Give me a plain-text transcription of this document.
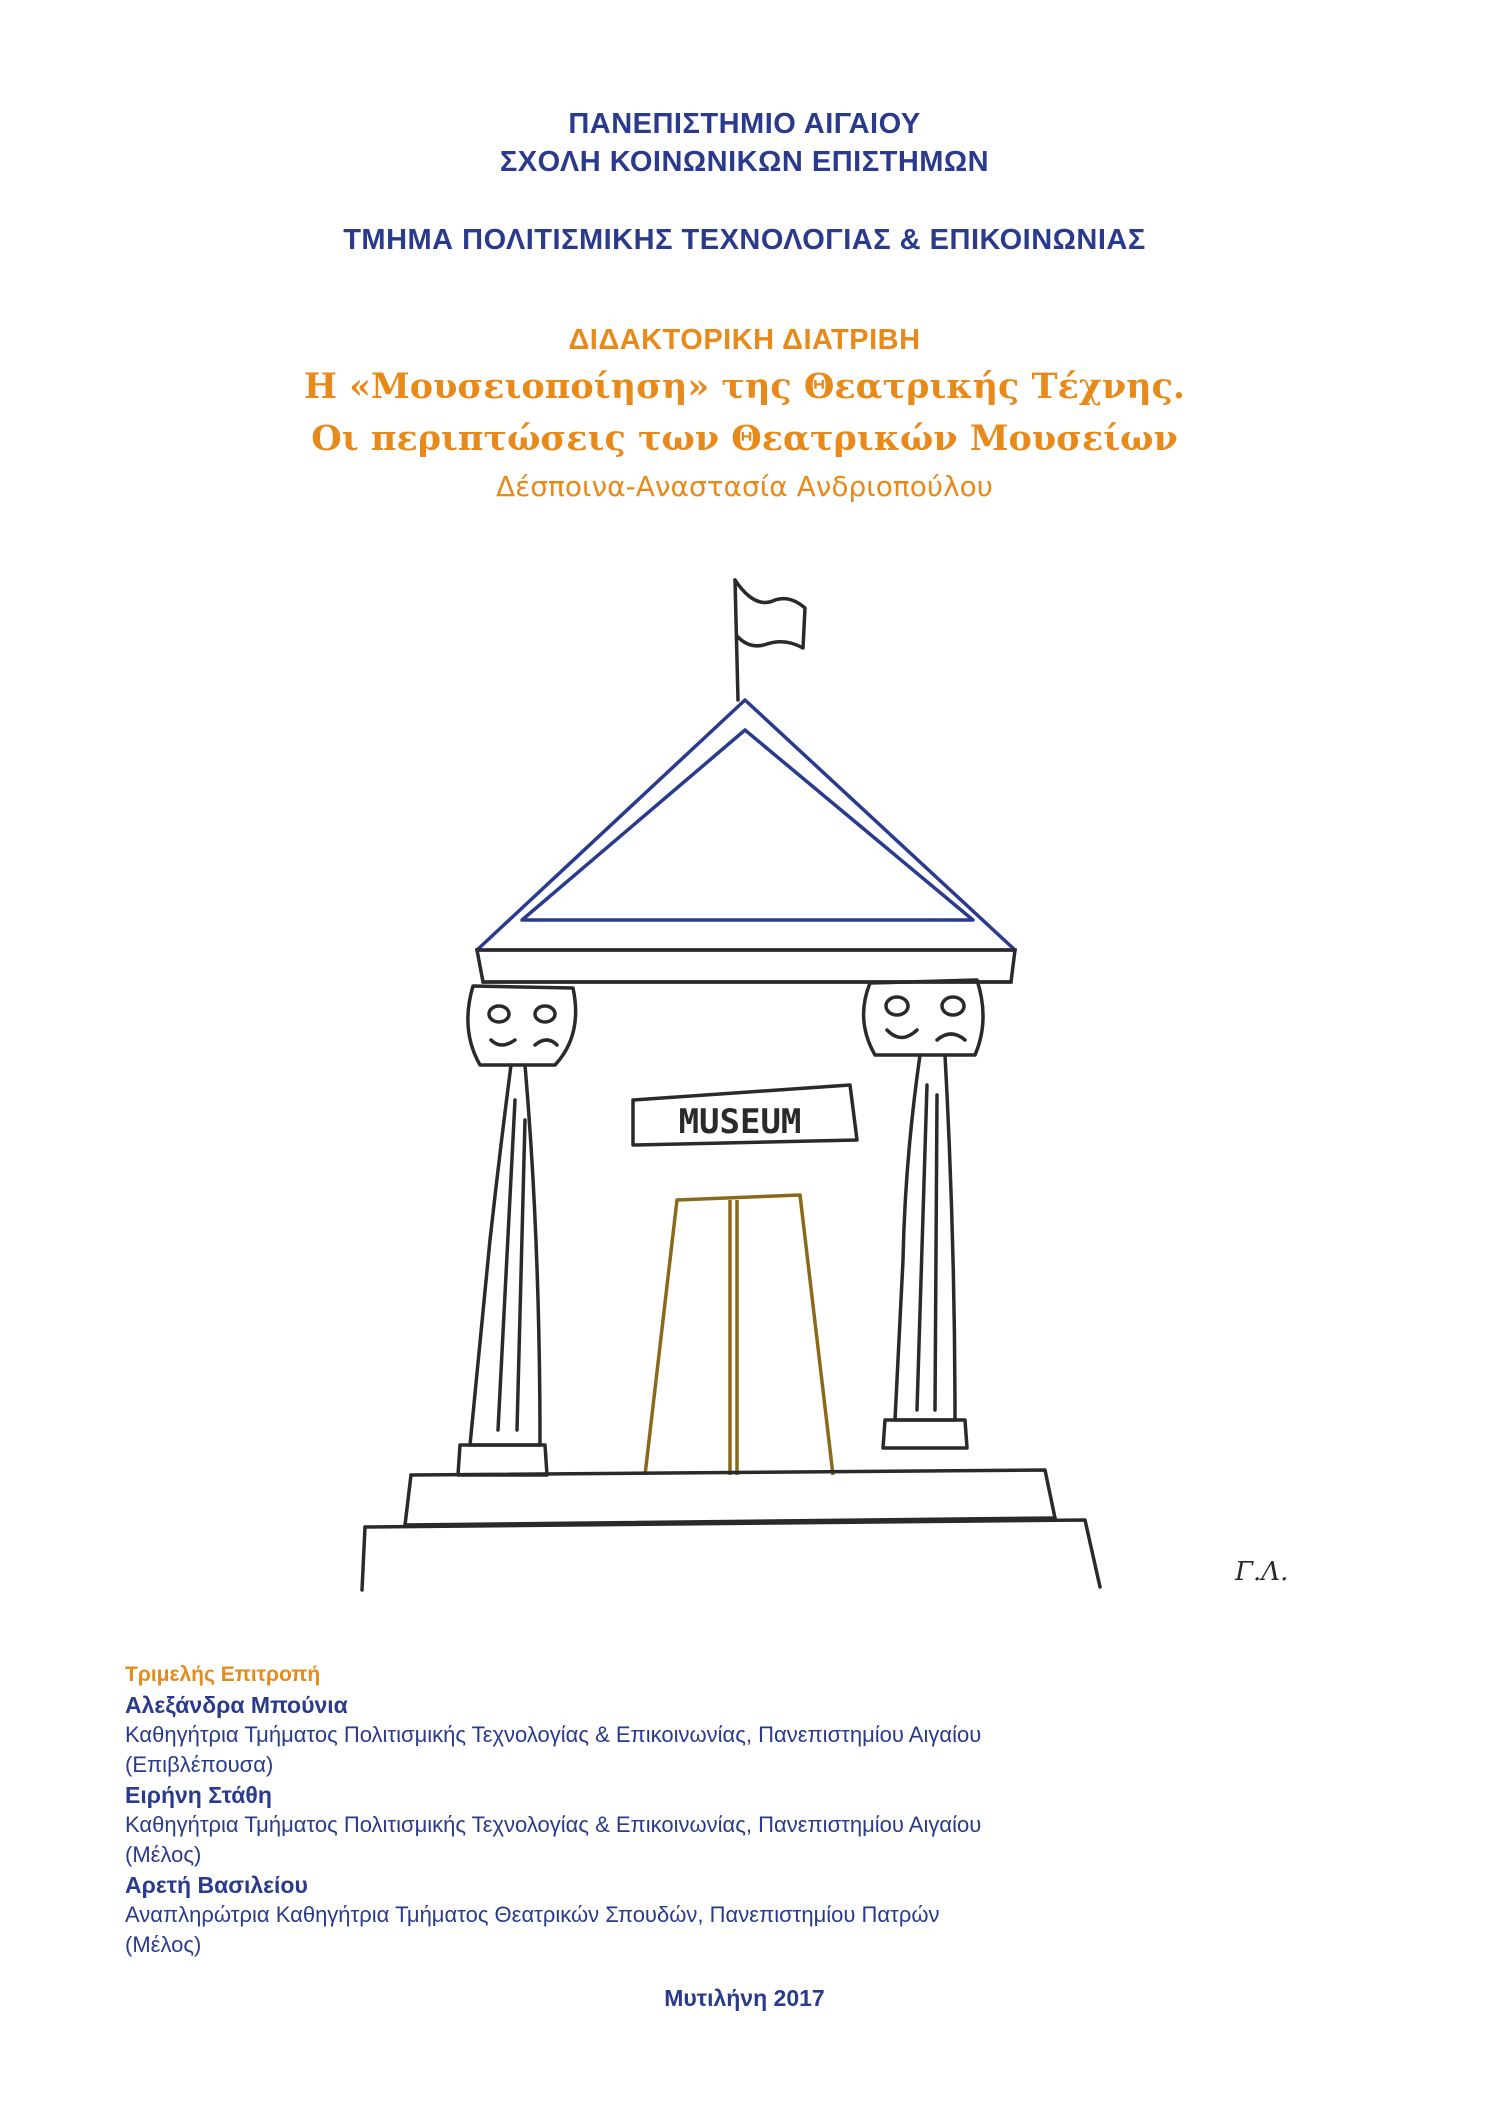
ΠΑΝΕΠΙΣΤΗΜΙΟ ΑΙΓΑΙΟΥ
ΣΧΟΛΗ ΚΟΙΝΩΝΙΚΩΝ ΕΠΙΣΤΗΜΩΝ
ΤΜΗΜΑ ΠΟΛΙΤΙΣΜΙΚΗΣ ΤΕΧΝΟΛΟΓΙΑΣ & ΕΠΙΚΟΙΝΩΝΙΑΣ
ΔΙΔΑΚΤΟΡΙΚΗ ΔΙΑΤΡΙΒΗ
Η «Μουσειοποίηση» της Θεατρικής Τέχνης.
Οι περιπτώσεις των Θεατρικών Μουσείων
Δέσποινα-Αναστασία Ανδριοπούλου
MUSEUM
Γ.Λ.
Τριμελής Επιτροπή
Αλεξάνδρα Μπούνια
Καθηγήτρια Τμήματος Πολιτισμικής Τεχνολογίας & Επικοινωνίας, Πανεπιστημίου Αιγαίου
(Επιβλέπουσα)
Ειρήνη Στάθη
Καθηγήτρια Τμήματος Πολιτισμικής Τεχνολογίας & Επικοινωνίας, Πανεπιστημίου Αιγαίου
(Μέλος)
Αρετή Βασιλείου
Αναπληρώτρια Καθηγήτρια Τμήματος Θεατρικών Σπουδών, Πανεπιστημίου Πατρών
(Μέλος)
Μυτιλήνη 2017
